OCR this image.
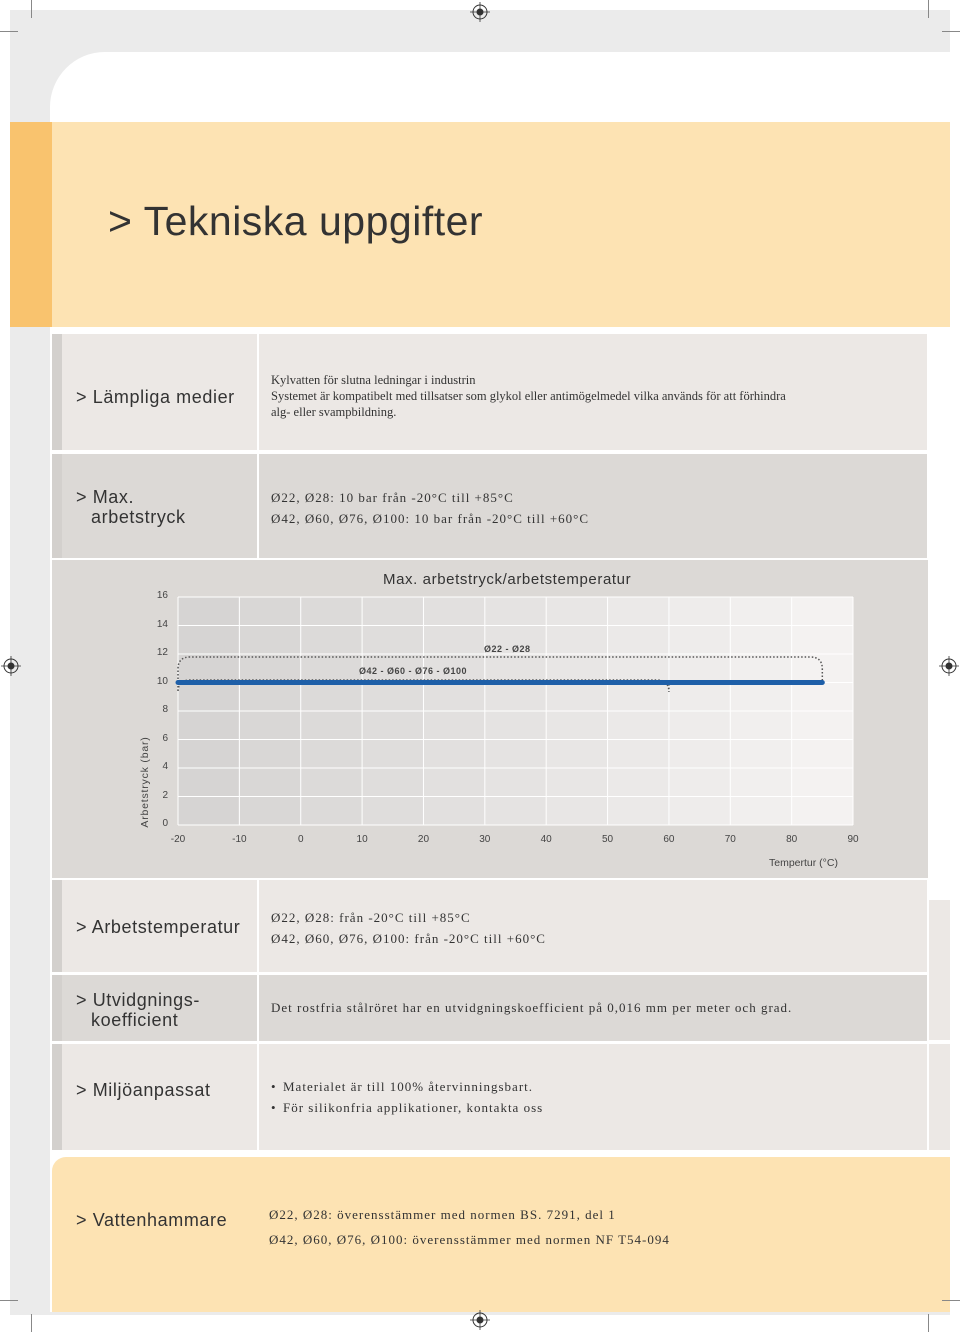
> Tekniska uppgifter
> Lämpliga medier
Kylvatten för slutna ledningar i industrin
Systemet är kompatibelt med tillsatser som glykol eller antimögelmedel vilka används för att förhindra
alg- eller svampbildning.
> Max.
arbetstryck
Ø22, Ø28: 10 bar från -20°C till +85°C
Ø42, Ø60, Ø76, Ø100: 10 bar från -20°C till +60°C
Max. arbetstryck/arbetstemperatur
Arbetstryck (bar)
Tempertur (°C)
16
14
12
10
8
6
4
2
0
-20	-10	0	10	20	30	40	50	60	70	80	90
Ø22 - Ø28
Ø42 - Ø60 - Ø76 - Ø100
> Arbetstemperatur Ø22, Ø28: från -20°C till +85°C
Ø42, Ø60, Ø76, Ø100: från -20°C till +60°C
> Utvidgnings-
koefficient
Det rostfria stålröret har en utvidgningskoefficient på 0,016 mm per meter och grad.
> Miljöanpassat
•	Materialet är till 100% återvinningsbart.
• För silikonfria applikationer, kontakta oss
> Vattenhammare	Ø22, Ø28: överensstämmer med normen BS. 7291, del 1
Ø42, Ø60, Ø76, Ø100: överensstämmer med normen NF T54-094
